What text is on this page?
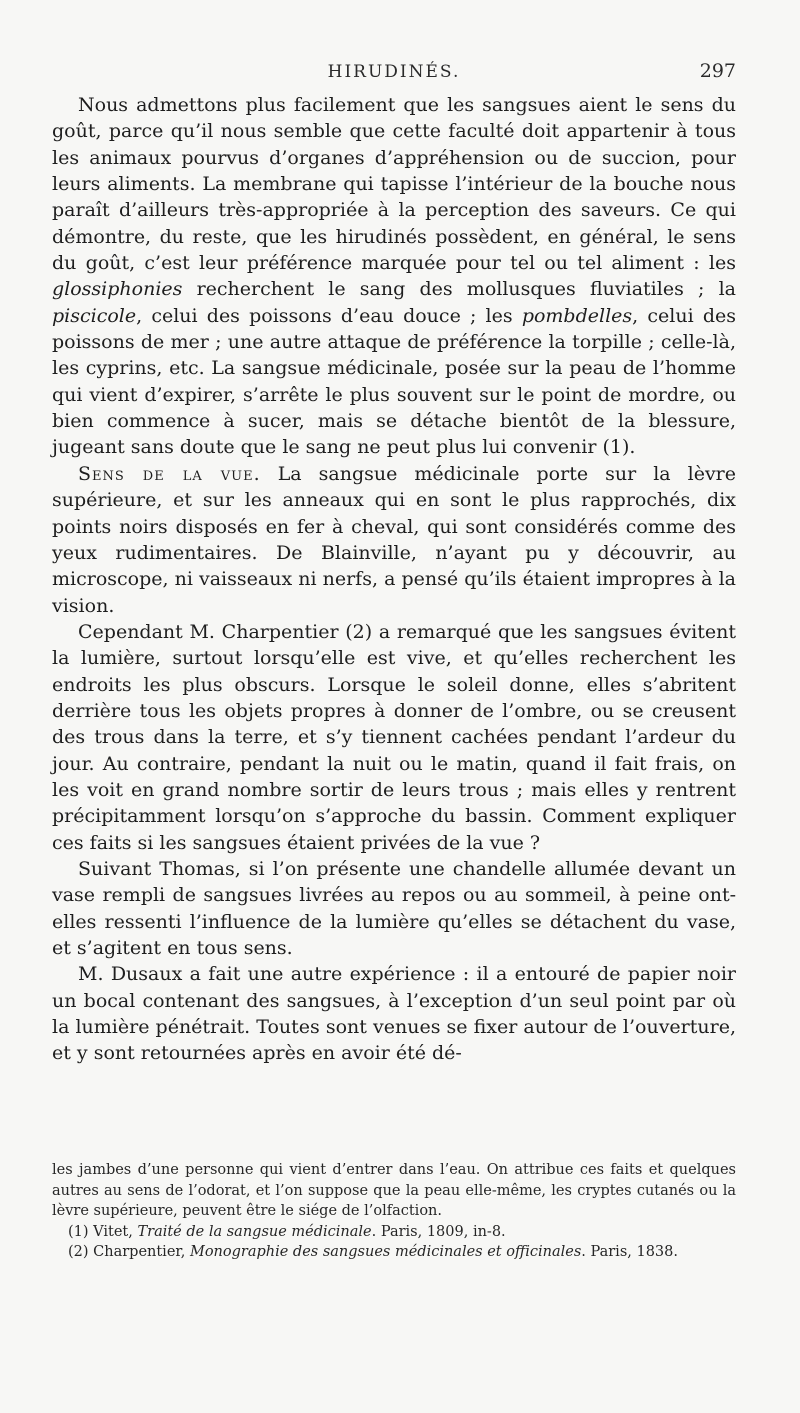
HIRUDINÉS.	297

Nous admettons plus facilement que les sangsues aient le sens du goût, parce qu’il nous semble que cette faculté doit appartenir à tous les animaux pourvus d’organes d’appréhension ou de succion, pour leurs aliments. La membrane qui tapisse l’intérieur de la bouche nous paraît d’ailleurs très-appropriée à la perception des saveurs. Ce qui démontre, du reste, que les hirudinés possèdent, en général, le sens du goût, c’est leur préférence marquée pour tel ou tel aliment : les glossiphonies recherchent le sang des mollusques fluviatiles ; la piscicole, celui des poissons d’eau douce ; les pombdelles, celui des poissons de mer ; une autre attaque de préférence la torpille ; celle-là, les cyprins, etc. La sangsue médicinale, posée sur la peau de l’homme qui vient d’expirer, s’arrête le plus souvent sur le point de mordre, ou bien commence à sucer, mais se détache bientôt de la blessure, jugeant sans doute que le sang ne peut plus lui convenir (1).

Sens de la vue. La sangsue médicinale porte sur la lèvre supérieure, et sur les anneaux qui en sont le plus rapprochés, dix points noirs disposés en fer à cheval, qui sont considérés comme des yeux rudimentaires. De Blainville, n’ayant pu y découvrir, au microscope, ni vaisseaux ni nerfs, a pensé qu’ils étaient impropres à la vision.

Cependant M. Charpentier (2) a remarqué que les sangsues évitent la lumière, surtout lorsqu’elle est vive, et qu’elles recherchent les endroits les plus obscurs. Lorsque le soleil donne, elles s’abritent derrière tous les objets propres à donner de l’ombre, ou se creusent des trous dans la terre, et s’y tiennent cachées pendant l’ardeur du jour. Au contraire, pendant la nuit ou le matin, quand il fait frais, on les voit en grand nombre sortir de leurs trous ; mais elles y rentrent précipitamment lorsqu’on s’approche du bassin. Comment expliquer ces faits si les sangsues étaient privées de la vue ?

Suivant Thomas, si l’on présente une chandelle allumée devant un vase rempli de sangsues livrées au repos ou au sommeil, à peine ont-elles ressenti l’influence de la lumière qu’elles se détachent du vase, et s’agitent en tous sens.

M. Dusaux a fait une autre expérience : il a entouré de papier noir un bocal contenant des sangsues, à l’exception d’un seul point par où la lumière pénétrait. Toutes sont venues se fixer autour de l’ouverture, et y sont retournées après en avoir été dé-

les jambes d’une personne qui vient d’entrer dans l’eau. On attribue ces faits et quelques autres au sens de l’odorat, et l’on suppose que la peau elle-même, les cryptes cutanés ou la lèvre supérieure, peuvent être le siége de l’olfaction.

(1) Vitet, Traité de la sangsue médicinale. Paris, 1809, in-8.

(2) Charpentier, Monographie des sangsues médicinales et officinales. Paris, 1838.
